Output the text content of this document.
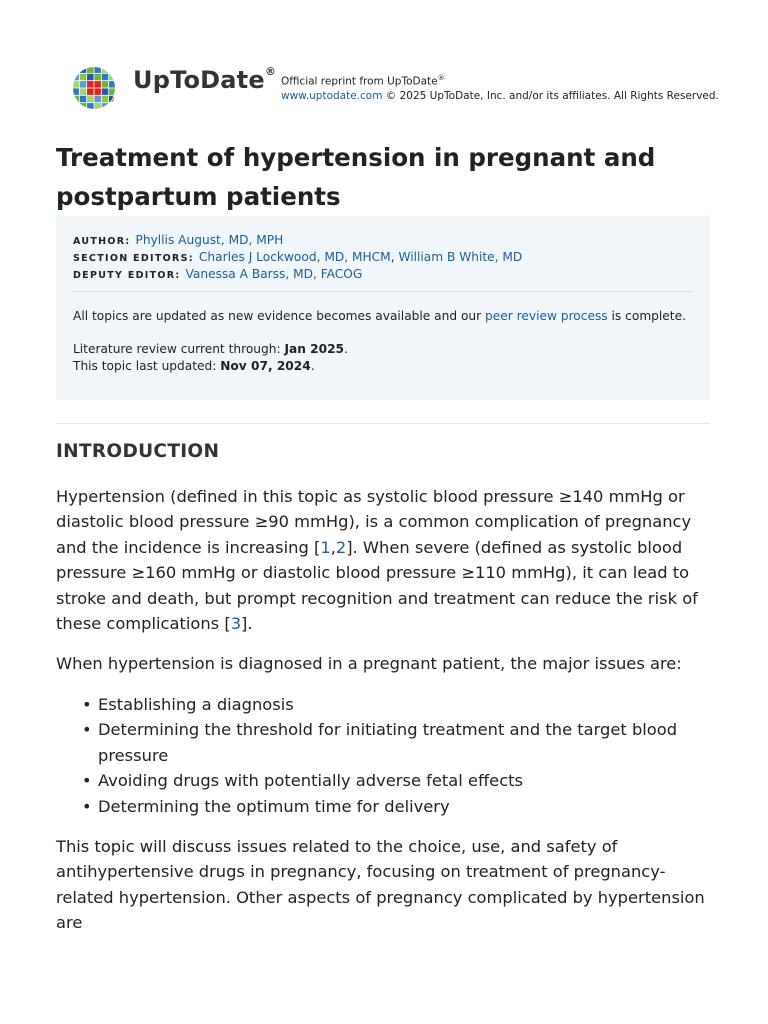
®
UpToDate®
Official reprint from UpToDate®
www.uptodate.com © 2025 UpToDate, Inc. and/or its affiliates. All Rights Reserved.
Treatment of hypertension in pregnant and postpartum patients
AUTHOR: Phyllis August, MD, MPH
SECTION EDITORS: Charles J Lockwood, MD, MHCM, William B White, MD
DEPUTY EDITOR: Vanessa A Barss, MD, FACOG
All topics are updated as new evidence becomes available and our peer review process is complete.
Literature review current through: Jan 2025.
This topic last updated: Nov 07, 2024.
INTRODUCTION

Hypertension (defined in this topic as systolic blood pressure ≥140 mmHg or diastolic blood pressure ≥90 mmHg), is a common complication of pregnancy and the incidence is increasing [1,2]. When severe (defined as systolic blood pressure ≥160 mmHg or diastolic blood pressure ≥110 mmHg), it can lead to stroke and death, but prompt recognition and treatment can reduce the risk of these complications [3].

When hypertension is diagnosed in a pregnant patient, the major issues are:

• Establishing a diagnosis
• Determining the threshold for initiating treatment and the target blood pressure
• Avoiding drugs with potentially adverse fetal effects
• Determining the optimum time for delivery

This topic will discuss issues related to the choice, use, and safety of antihypertensive drugs in pregnancy, focusing on treatment of pregnancy-related hypertension. Other aspects of pregnancy complicated by hypertension are
